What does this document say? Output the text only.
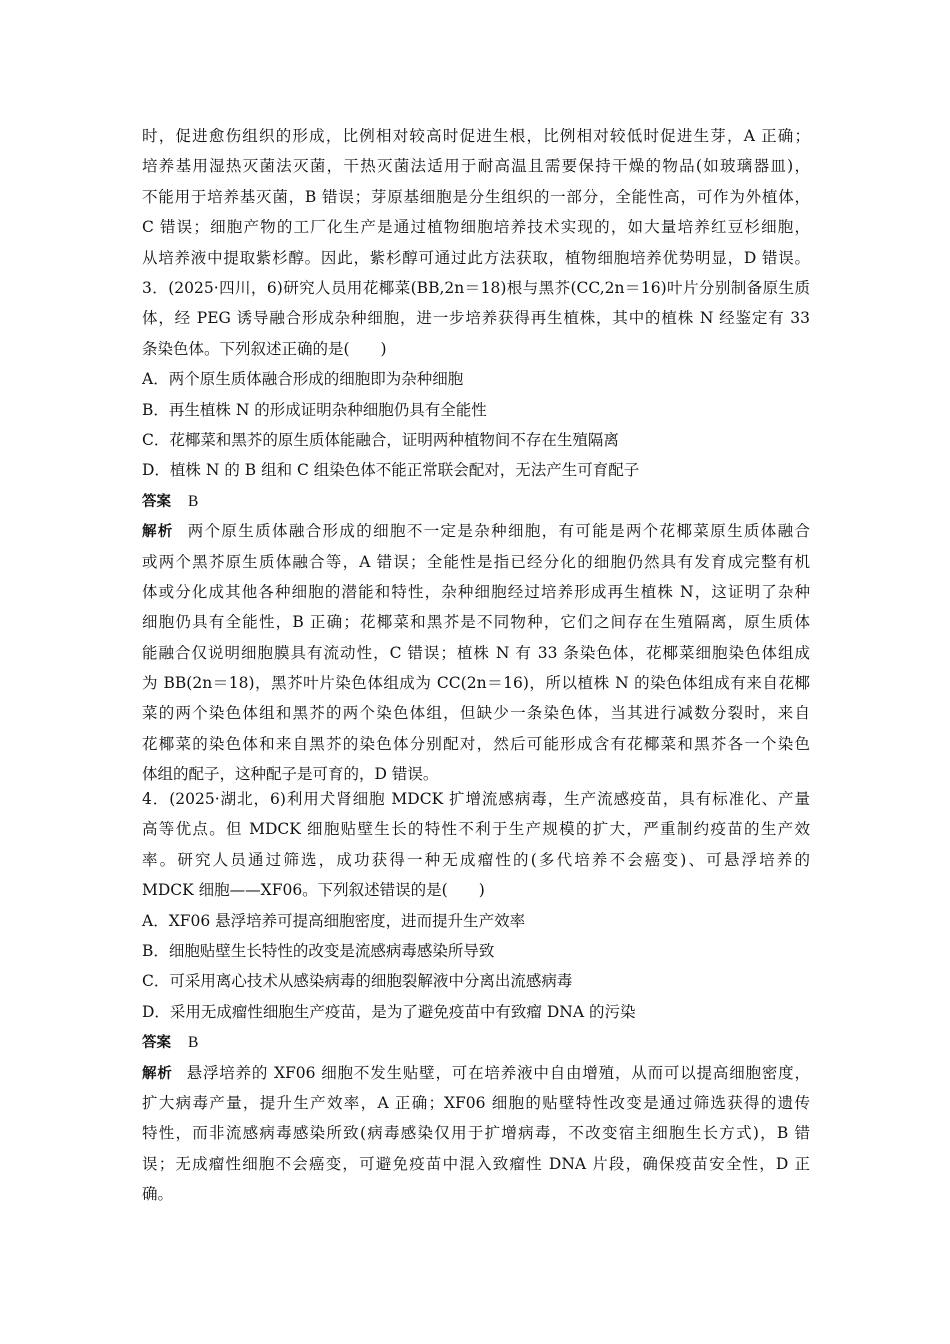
时，促进愈伤组织的形成，比例相对较高时促进生根，比例相对较低时促进生芽，A 正确；
培养基用湿热灭菌法灭菌，干热灭菌法适用于耐高温且需要保持干燥的物品(如玻璃器皿)，
不能用于培养基灭菌，B 错误；芽原基细胞是分生组织的一部分，全能性高，可作为外植体，
C 错误；细胞产物的工厂化生产是通过植物细胞培养技术实现的，如大量培养红豆杉细胞，
从培养液中提取紫杉醇。因此，紫杉醇可通过此方法获取，植物细胞培养优势明显，D 错误。
3．(2025·四川，6)研究人员用花椰菜(BB,2n＝18)根与黑芥(CC,2n＝16)叶片分别制备原生质
体，经 PEG 诱导融合形成杂种细胞，进一步培养获得再生植株，其中的植株 N 经鉴定有 33
条染色体。下列叙述正确的是(　　)
A．两个原生质体融合形成的细胞即为杂种细胞
B．再生植株 N 的形成证明杂种细胞仍具有全能性
C．花椰菜和黑芥的原生质体能融合，证明两种植物间不存在生殖隔离
D．植株 N 的 B 组和 C 组染色体不能正常联会配对，无法产生可育配子
答案 B
解析 两个原生质体融合形成的细胞不一定是杂种细胞，有可能是两个花椰菜原生质体融合
或两个黑芥原生质体融合等，A 错误；全能性是指已经分化的细胞仍然具有发育成完整有机
体或分化成其他各种细胞的潜能和特性，杂种细胞经过培养形成再生植株 N，这证明了杂种
细胞仍具有全能性，B 正确；花椰菜和黑芥是不同物种，它们之间存在生殖隔离，原生质体
能融合仅说明细胞膜具有流动性，C 错误；植株 N 有 33 条染色体，花椰菜细胞染色体组成
为 BB(2n＝18)，黑芥叶片染色体组成为 CC(2n＝16)，所以植株 N 的染色体组成有来自花椰
菜的两个染色体组和黑芥的两个染色体组，但缺少一条染色体，当其进行减数分裂时，来自
花椰菜的染色体和来自黑芥的染色体分别配对，然后可能形成含有花椰菜和黑芥各一个染色
体组的配子，这种配子是可育的，D 错误。
4．(2025·湖北，6)利用犬肾细胞 MDCK 扩增流感病毒，生产流感疫苗，具有标准化、产量
高等优点。但 MDCK 细胞贴壁生长的特性不利于生产规模的扩大，严重制约疫苗的生产效
率。研究人员通过筛选，成功获得一种无成瘤性的(多代培养不会癌变)、可悬浮培养的
MDCK 细胞——XF06。下列叙述错误的是(　　)
A．XF06 悬浮培养可提高细胞密度，进而提升生产效率
B．细胞贴壁生长特性的改变是流感病毒感染所导致
C．可采用离心技术从感染病毒的细胞裂解液中分离出流感病毒
D．采用无成瘤性细胞生产疫苗，是为了避免疫苗中有致瘤 DNA 的污染
答案 B
解析 悬浮培养的 XF06 细胞不发生贴壁，可在培养液中自由增殖，从而可以提高细胞密度，
扩大病毒产量，提升生产效率，A 正确；XF06 细胞的贴壁特性改变是通过筛选获得的遗传
特性，而非流感病毒感染所致(病毒感染仅用于扩增病毒，不改变宿主细胞生长方式)，B 错
误；无成瘤性细胞不会癌变，可避免疫苗中混入致瘤性 DNA 片段，确保疫苗安全性，D 正
确。
